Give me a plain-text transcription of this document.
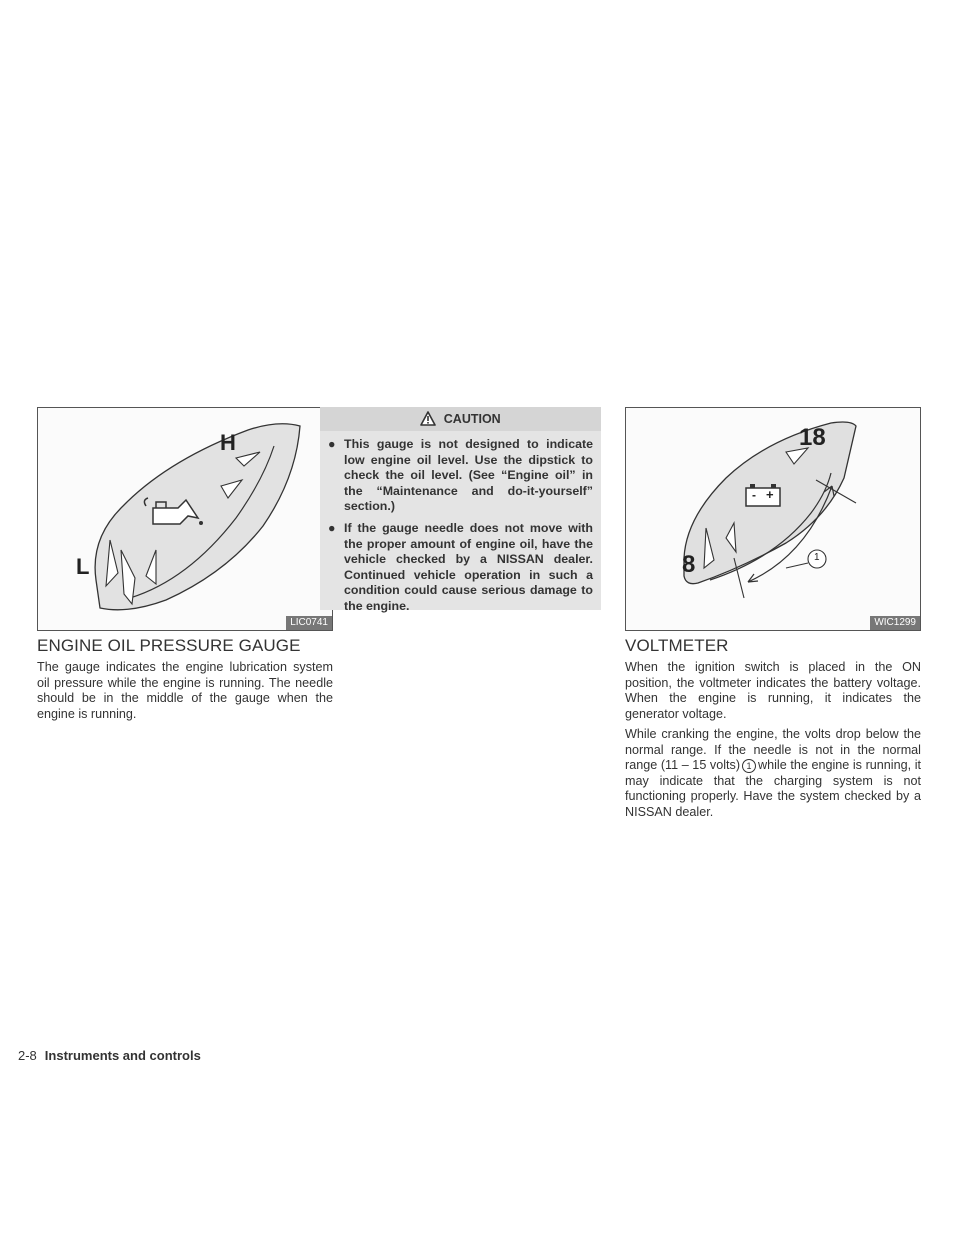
H
L
LIC0741
ENGINE OIL PRESSURE GAUGE

The gauge indicates the engine lubrication system oil pressure while the engine is running. The needle should be in the middle of the gauge when the engine is running.

CAUTION
● This gauge is not designed to indicate low engine oil level. Use the dipstick to check the oil level. (See “Engine oil” in the “Maintenance and do-it-yourself” section.)
● If the gauge needle does not move with the proper amount of engine oil, have the vehicle checked by a NISSAN dealer. Continued vehicle operation in such a condition could cause serious damage to the engine.
18
8
- +
1
WIC1299
VOLTMETER

When the ignition switch is placed in the ON position, the voltmeter indicates the battery voltage. When the engine is running, it indicates the generator voltage.

While cranking the engine, the volts drop below the normal range. If the needle is not in the normal range (11 – 15 volts) 1 while the engine is running, it may indicate that the charging system is not functioning properly. Have the system checked by a NISSAN dealer.

2-8 Instruments and controls
